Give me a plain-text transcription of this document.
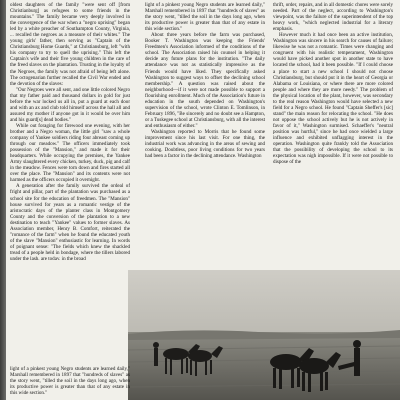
oldest daughters of the family "were sent off [from Christianburg] as refugees to some friends in the mountains." The family became very deeply involved in the convergence of the war when a "negro uprising" began led by a white preacher of Southampton County, Virginia, ... recalled the negroes as a measure of their whites." The young girls' father, then serving as "Captain of the Christiansburg Home Guards," at Christiansburg, left "with his company to try to quell the uprising." This left the Captain's wife and their five young children in the care of the freed slaves on the plantation. Trusting in the loyalty of the Negroes, the family was not afraid of being left alone. The octogenarian further recalled the Civil War ended and the devotion of the slaves:

"Our Negroes were all sent, and one little colored Negro that my father paid and thousand dollars in gold for just before the war locked us all in, put a guard at each door and with an ax and club told himself across the hall all and assured my mother if anyone got in it would be over him and his guard[s] dead bodies."

While out foraging for firewood one evening, with her brother and a Negro woman, the little girl "saw a whole company of Yankee soldiers riding four abreast coming up through our meadow." The officers immediately took possession of the "Mansion," and made it for their headquarters. While occupying the premises, the Yankee Army slaughtered every chicken, turkey, duck, pig and calf in the meadow. Fences were torn down and fires started all over the place. The "Mansion" and its contents were not harmed as the officers occupied it overnight.

A generation after the family survived the ordeal of fright and pillar, part of the plantation was purchased as a school site for the education of freedmen. The "Mansion" house survived for years as a romantic vestige of the aristocratic days of the planter class in Montgomery County and the conversion of the plantation to a new destination to teach "Yankee" values to former slaves. As Association member, Henry B. Comfort, reiterated the "romance of the farm" when he found the educated youth of the slave "Mansion" enthusiastic for learning. In words of poignant sense: "The fields which knew the shackled tread of a people held in bondage, where the tillers labored under the lash, are today, in the broad

light of a pinkest young Negro students are learned daily," Marshall remembered in 1897 that "hundreds of slaves" as the story went, "tilled the soil in the days long ago, when its productive power is greater than that of any estate in this wide section."

About three years before the farm was purchased, Booker T. Washington was keeping the Friends' Freedmen's Association informed of the conditions of the school. The Association raised his counsel in helping it decide any future plans for the institution. "The daily attendance was not as statistically impressive as the Friends would have liked. They specifically asked Washington to suggest ways to offset the declining school membership." A question was raised about the neighborhood—if it were not made possible to support a flourishing enrollment. Much of the Association's future in education in the south depended on Washington's supervision of the school, wrote Clinton E. Tomlinson, in February 1896, "Be sincerely and no doubt see a Hampton, or a Tuskegee school at Christiansburg, with all the interest and enthusiasm of either."

Washington reported to Morris that he found some improvement since his last visit. For one thing, the industrial work was advancing in the areas of sewing and cooking. Doubtless, poor living conditions for two years had been a factor in the declining attendance. Washington

thrift, order, repairs, and in all domestic chores were sorely needed. Part of the neglect, according to Washington's viewpoint, was the failure of the superintendent of the top heavy work, "which neglected industrial for a literary emphasis.

However much it had once been an active institution, Washington was sincere in his search for causes of failure; likewise he was not a romantic. Times were changing and congruent with his realistic temperament, Washington would have picked another spot in another state to have located the school, had it been possible. "If I could choose a place to start a new school I should not choose Christiansburg, but should put it in the heart of Georgia or Alabama or Louisiana, or where there are more colored people and where they are more needy." The problem of the physical location of the plant, however, was secondary to the real reason Washington would have selected a new field for a Negro school. He found "Captain Sheffer's [sic] stand" the main reason for relocating the school. "He does not oppose the school actively but he is not actively in favor of it," Washington surmised. Schaeffer's "neutral position was hurtful," since he had once wielded a large influence and exhibited unflagging interest in the operation. Washington quite frankly told the Association that the possibility of developing the school to its expectation was nigh impossible. If it were not possible to dispose of the

light of a pinkest young Negro students are learned daily," Marshall remembered in 1897 that "hundreds of slaves" as the story went, "tilled the soil in the days long ago, when its productive power is greater than that of any estate in this wide section."
